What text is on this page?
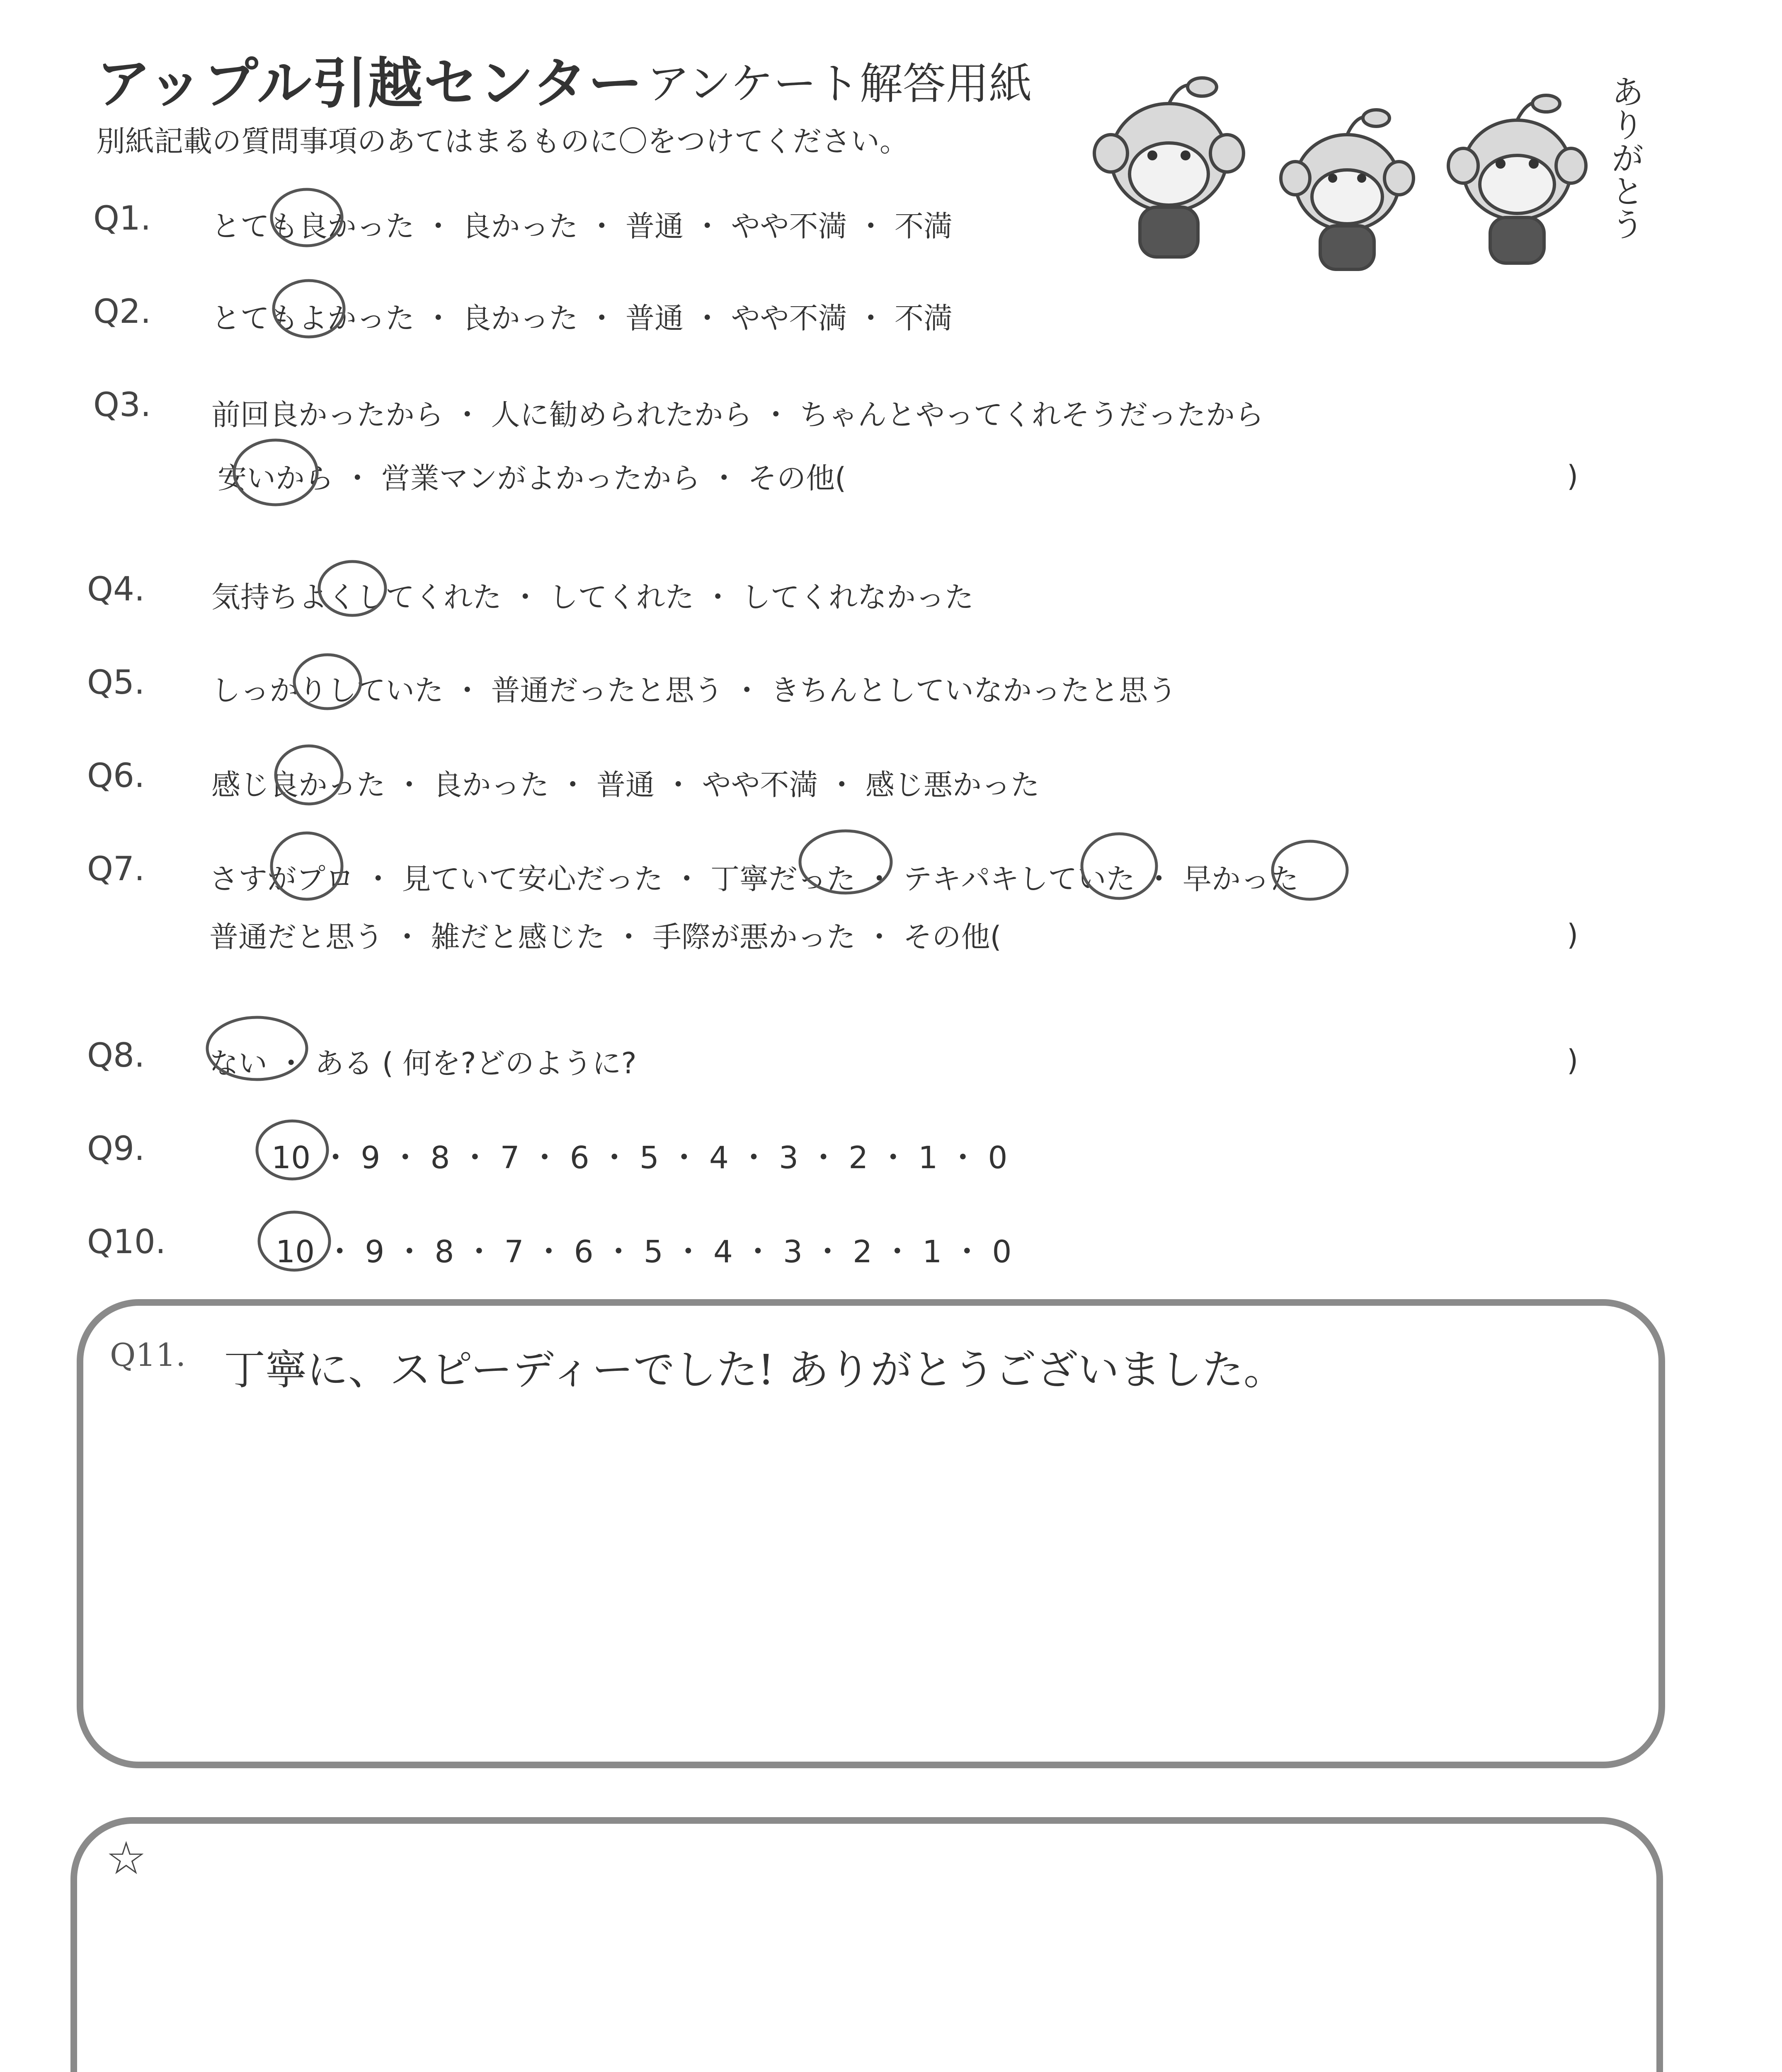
アップル引越センター アンケート解答用紙
別紙記載の質問事項のあてはまるものに〇をつけてください。	ありがとう
Q1. とても良かった ・ 良かった ・ 普通 ・ やや不満 ・ 不満
Q2. とてもよかった ・ 良かった ・ 普通 ・ やや不満 ・ 不満
Q3. 前回良かったから ・ 人に勧められたから ・ ちゃんとやってくれそうだったから
安いから ・ 営業マンがよかったから ・ その他(	)
Q4. 気持ちよくしてくれた ・ してくれた ・ してくれなかった
Q5. しっかりしていた ・ 普通だったと思う ・ きちんとしていなかったと思う
Q6. 感じ良かった ・ 良かった ・ 普通 ・ やや不満 ・ 感じ悪かった
Q7. さすがプロ ・ 見ていて安心だった ・ 丁寧だった ・ テキパキしていた ・ 早かった
普通だと思う ・ 雑だと感じた ・ 手際が悪かった ・ その他(	)
Q8. ない ・ ある ( 何を?どのように?	)
Q9.	10 ・ 9 ・ 8 ・ 7 ・ 6 ・ 5 ・ 4 ・ 3 ・ 2 ・ 1 ・ 0
Q10.	10 ・ 9 ・ 8 ・ 7 ・ 6 ・ 5 ・ 4 ・ 3 ・ 2 ・ 1 ・ 0
Q11. 丁寧に、スピーディーでした! ありがとうございました。
☆
